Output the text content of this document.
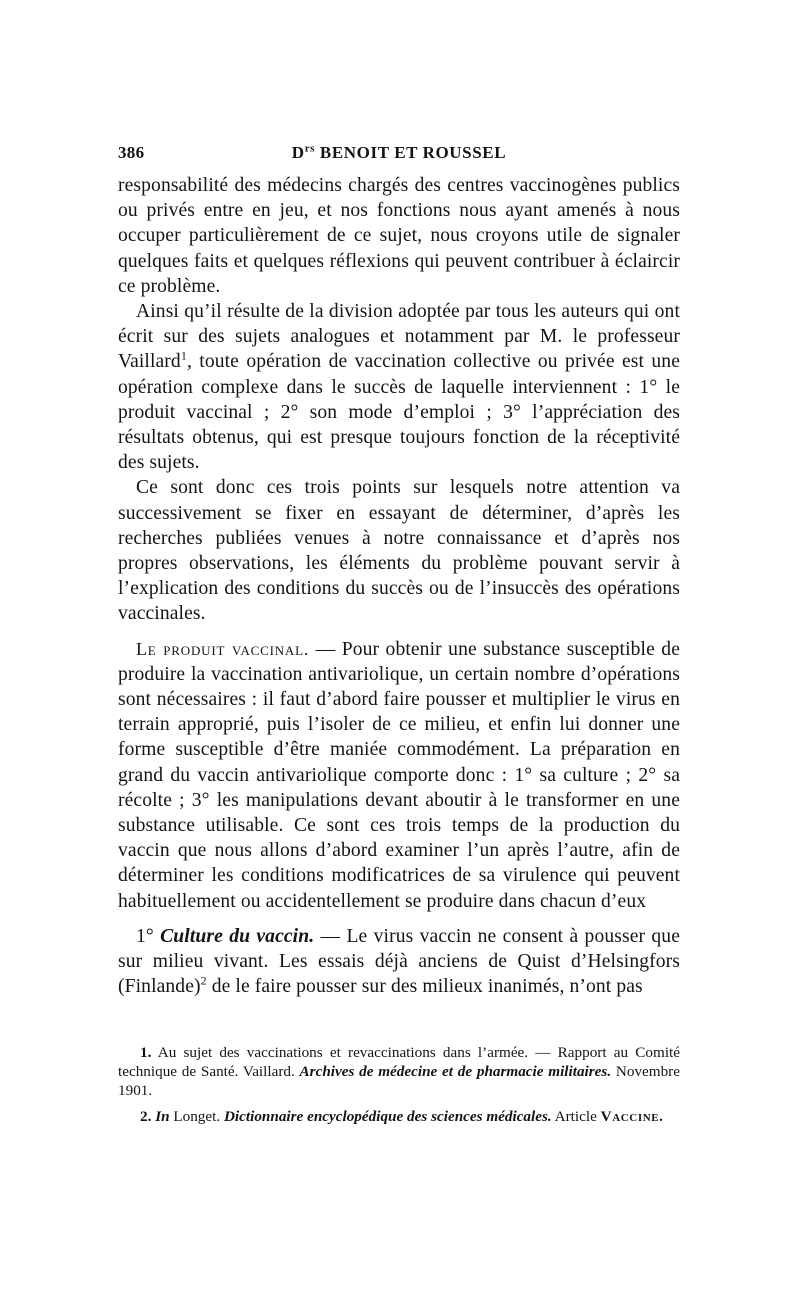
386	$D^{rs}$ BENOIT ET ROUSSEL

responsabilité des médecins chargés des centres vaccinogènes publics ou privés entre en jeu, et nos fonctions nous ayant amenés à nous occuper particulièrement de ce sujet, nous croyons utile de signaler quelques faits et quelques réflexions qui peuvent contribuer à éclaircir ce problème.

Ainsi qu’il résulte de la division adoptée par tous les auteurs qui ont écrit sur des sujets analogues et notamment par M. le professeur Vaillard$^1$, toute opération de vaccination collective ou privée est une opération complexe dans le succès de laquelle interviennent : 1° le produit vaccinal ; 2° son mode d’emploi ; 3° l’appréciation des résultats obtenus, qui est presque toujours fonction de la réceptivité des sujets.

Ce sont donc ces trois points sur lesquels notre attention va successivement se fixer en essayant de déterminer, d’après les recherches publiées venues à notre connaissance et d’après nos propres observations, les éléments du problème pouvant servir à l’explication des conditions du succès ou de l’insuccès des opérations vaccinales.

Le produit vaccinal. — Pour obtenir une substance susceptible de produire la vaccination antivariolique, un certain nombre d’opérations sont nécessaires : il faut d’abord faire pousser et multiplier le virus en terrain approprié, puis l’isoler de ce milieu, et enfin lui donner une forme susceptible d’être maniée commodément. La préparation en grand du vaccin antivariolique comporte donc : 1° sa culture ; 2° sa récolte ; 3° les manipulations devant aboutir à le transformer en une substance utilisable. Ce sont ces trois temps de la production du vaccin que nous allons d’abord examiner l’un après l’autre, afin de déterminer les conditions modificatrices de sa virulence qui peuvent habituellement ou accidentellement se produire dans chacun d’eux

1° Culture du vaccin. — Le virus vaccin ne consent à pousser que sur milieu vivant. Les essais déjà anciens de Quist d’Helsingfors (Finlande)$^2$ de le faire pousser sur des milieux inanimés, n’ont pas

1. Au sujet des vaccinations et revaccinations dans l’armée. — Rapport au Comité technique de Santé. Vaillard. Archives de médecine et de pharmacie militaires. Novembre 1901.

2. In Longet. Dictionnaire encyclopédique des sciences médicales. Article Vaccine.
